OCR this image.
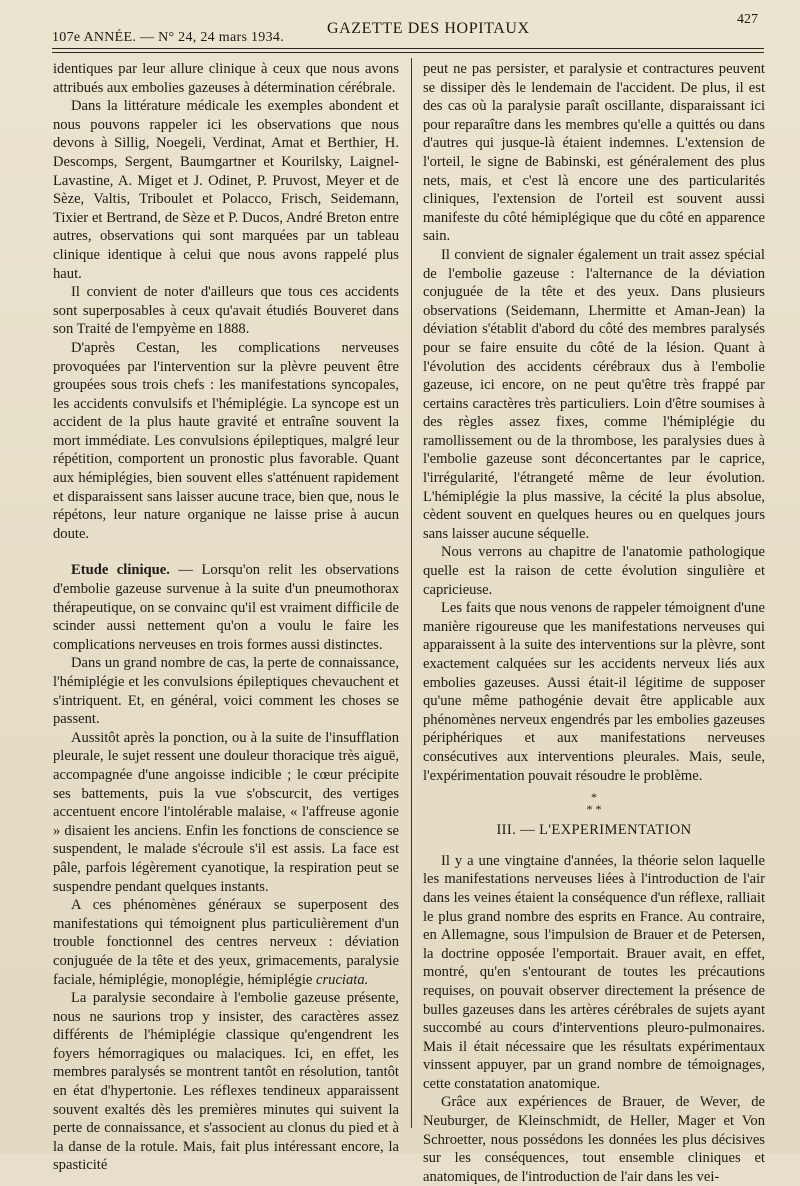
107e ANNÉE. — N° 24, 24 mars 1934.
GAZETTE DES HOPITAUX
427

identiques par leur allure clinique à ceux que nous avons attribués aux embolies gazeuses à détermination cérébrale.

Dans la littérature médicale les exemples abondent et nous pouvons rappeler ici les observations que nous devons à Sillig, Noegeli, Verdinat, Amat et Berthier, H. Descomps, Sergent, Baumgartner et Kourilsky, Laignel-Lavastine, A. Miget et J. Odinet, P. Pruvost, Meyer et de Sèze, Valtis, Triboulet et Polacco, Frisch, Seidemann, Tixier et Bertrand, de Sèze et P. Ducos, André Breton entre autres, observations qui sont marquées par un tableau clinique identique à celui que nous avons rappelé plus haut.

Il convient de noter d'ailleurs que tous ces accidents sont superposables à ceux qu'avait étudiés Bouveret dans son Traité de l'empyème en 1888.

D'après Cestan, les complications nerveuses provoquées par l'intervention sur la plèvre peuvent être groupées sous trois chefs : les manifestations syncopales, les accidents convulsifs et l'hémiplégie. La syncope est un accident de la plus haute gravité et entraîne souvent la mort immédiate. Les convulsions épileptiques, malgré leur répétition, comportent un pronostic plus favorable. Quant aux hémiplégies, bien souvent elles s'atténuent rapidement et disparaissent sans laisser aucune trace, bien que, nous le répétons, leur nature organique ne laisse prise à aucun doute.

Etude clinique. — Lorsqu'on relit les observations d'embolie gazeuse survenue à la suite d'un pneumothorax thérapeutique, on se convainc qu'il est vraiment difficile de scinder aussi nettement qu'on a voulu le faire les complications nerveuses en trois formes aussi distinctes.

Dans un grand nombre de cas, la perte de connaissance, l'hémiplégie et les convulsions épileptiques chevauchent et s'intriquent. Et, en général, voici comment les choses se passent.

Aussitôt après la ponction, ou à la suite de l'insufflation pleurale, le sujet ressent une douleur thoracique très aiguë, accompagnée d'une angoisse indicible ; le cœur précipite ses battements, puis la vue s'obscurcit, des vertiges accentuent encore l'intolérable malaise, « l'affreuse agonie » disaient les anciens. Enfin les fonctions de conscience se suspendent, le malade s'écroule s'il est assis. La face est pâle, parfois légèrement cyanotique, la respiration peut se suspendre pendant quelques instants.

A ces phénomènes généraux se superposent des manifestations qui témoignent plus particulièrement d'un trouble fonctionnel des centres nerveux : déviation conjuguée de la tête et des yeux, grimacements, paralysie faciale, hémiplégie, monoplégie, hémiplégie cruciata.

La paralysie secondaire à l'embolie gazeuse présente, nous ne saurions trop y insister, des caractères assez différents de l'hémiplégie classique qu'engendrent les foyers hémorragiques ou malaciques. Ici, en effet, les membres paralysés se montrent tantôt en résolution, tantôt en état d'hypertonie. Les réflexes tendineux apparaissent souvent exaltés dès les premières minutes qui suivent la perte de connaissance, et s'associent au clonus du pied et à la danse de la rotule. Mais, fait plus intéressant encore, la spasticité

peut ne pas persister, et paralysie et contractures peuvent se dissiper dès le lendemain de l'accident. De plus, il est des cas où la paralysie paraît oscillante, disparaissant ici pour reparaître dans les membres qu'elle a quittés ou dans d'autres qui jusque-là étaient indemnes. L'extension de l'orteil, le signe de Babinski, est généralement des plus nets, mais, et c'est là encore une des particularités cliniques, l'extension de l'orteil est souvent aussi manifeste du côté hémiplégique que du côté en apparence sain.

Il convient de signaler également un trait assez spécial de l'embolie gazeuse : l'alternance de la déviation conjuguée de la tête et des yeux. Dans plusieurs observations (Seidemann, Lhermitte et Aman-Jean) la déviation s'établit d'abord du côté des membres paralysés pour se faire ensuite du côté de la lésion. Quant à l'évolution des accidents cérébraux dus à l'embolie gazeuse, ici encore, on ne peut qu'être très frappé par certains caractères très particuliers. Loin d'être soumises à des règles assez fixes, comme l'hémiplégie du ramollissement ou de la thrombose, les paralysies dues à l'embolie gazeuse sont déconcertantes par le caprice, l'irrégularité, l'étrangeté même de leur évolution. L'hémiplégie la plus massive, la cécité la plus absolue, cèdent souvent en quelques heures ou en quelques jours sans laisser aucune séquelle.

Nous verrons au chapitre de l'anatomie pathologique quelle est la raison de cette évolution singulière et capricieuse.

Les faits que nous venons de rappeler témoignent d'une manière rigoureuse que les manifestations nerveuses qui apparaissent à la suite des interventions sur la plèvre, sont exactement calquées sur les accidents nerveux liés aux embolies gazeuses. Aussi était-il légitime de supposer qu'une même pathogénie devait être applicable aux phénomènes nerveux engendrés par les embolies gazeuses périphériques et aux manifestations nerveuses consécutives aux interventions pleurales. Mais, seule, l'expérimentation pouvait résoudre le problème.

*
* *
III. — L'EXPERIMENTATION

Il y a une vingtaine d'années, la théorie selon laquelle les manifestations nerveuses liées à l'introduction de l'air dans les veines étaient la conséquence d'un réflexe, ralliait le plus grand nombre des esprits en France. Au contraire, en Allemagne, sous l'impulsion de Brauer et de Petersen, la doctrine opposée l'emportait. Brauer avait, en effet, montré, qu'en s'entourant de toutes les précautions requises, on pouvait observer directement la présence de bulles gazeuses dans les artères cérébrales de sujets ayant succombé au cours d'interventions pleuro-pulmonaires. Mais il était nécessaire que les résultats expérimentaux vinssent appuyer, par un grand nombre de témoignages, cette constatation anatomique.

Grâce aux expériences de Brauer, de Wever, de Neuburger, de Kleinschmidt, de Heller, Mager et Von Schroetter, nous possédons les données les plus décisives sur les conséquences, tout ensemble cliniques et anatomiques, de l'introduction de l'air dans les vei-
